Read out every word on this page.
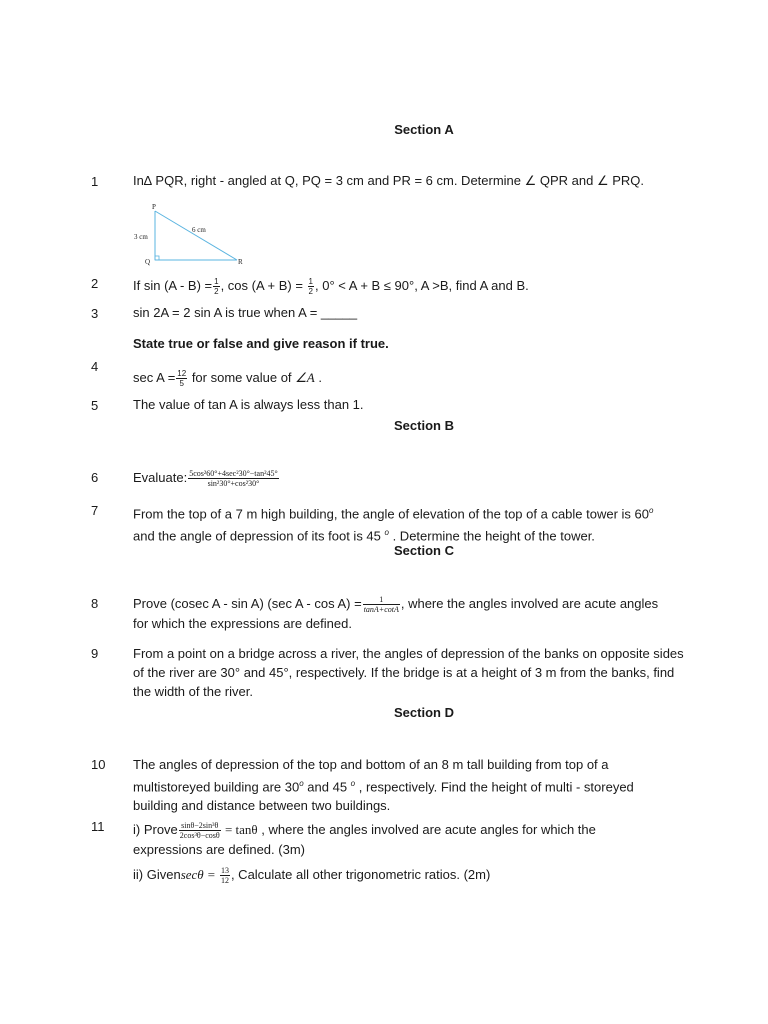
Section A
1	In∆ PQR, right - angled at Q, PQ = 3 cm and PR = 6 cm. Determine ∠ QPR and ∠ PRQ.
P
Q	R
3 cm
6 cm
2	If $\sin (A - B) = \frac{1}{2}$ , $\cos (A + B) = \frac{1}{2}$ , 0° < A + B ≤ 90°, A >B, find A and B.
3	sin 2A = 2 sin A is true when A = _____
State true or false and give reason if true.
4
$\sec A = \frac{12}{5}$ for some value of ∠A .
5	The value of tan A is always less than 1.
Section B
6	Evaluate: $\frac{\text{5cos²60°+4sec²30°−tan²45°}}{\text{sin²30°+cos²30°}}$
7	From the top of a 7 m high building, the angle of elevation of the top of a cable tower is 60$^o$
and the angle of depression of its foot is 45 $^o$ . Determine the height of the tower.
Section C
8	Prove (cosec A - sin A) (sec $A - \cos A) = \frac{1}{\tan A+\cot A}$ , where the angles involved are acute angles
for which the expressions are defined.
9	From a point on a bridge across a river, the angles of depression of the banks on opposite sides
of the river are 30° and 45°, respectively. If the bridge is at a height of 3 m from the banks, find
the width of the river.
Section D
10 The angles of depression of the top and bottom of an 8 m tall building from top of a
multistoreyed building are 30$^o$ and 45 $^o$ , respectively. Find the height of multi - storeyed
building and distance between two buildings.
11 i) Prove $\frac{\text{sinθ−2sin³θ}}{\text{2cos³θ−cosθ}} = \tan\theta$ , where the angles involved are acute angles for which the
expressions are defined. (3m)
ii) Givensecθ = $\frac{13}{12}$ , Calculate all other trigonometric ratios. (2m)
